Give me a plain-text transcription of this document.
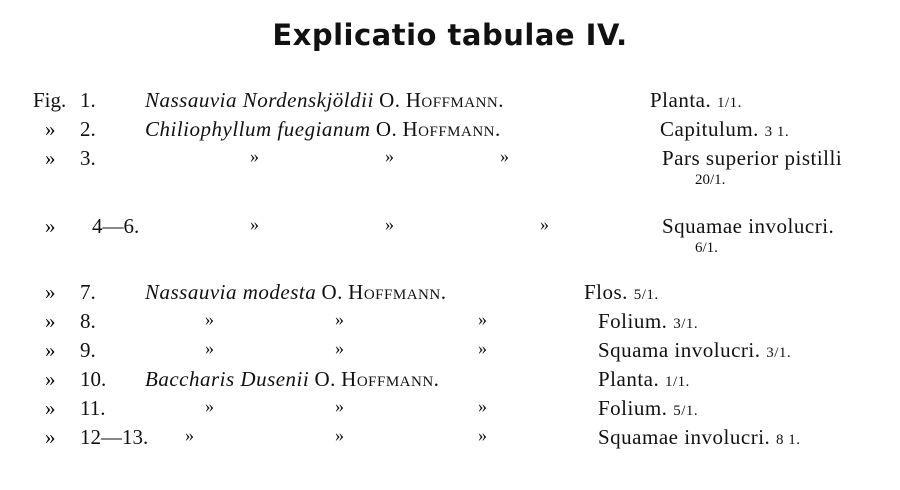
Explicatio tabulae IV.
Fig. 1. Nassauvia Nordenskjöldii O. Hoffmann.	Planta. 1/1.
» 2. Chiliophyllum fuegianum O. Hoffmann.	Capitulum. 3 1.
» 3.	»	»	»	Pars superior pistilli
20/1.
» 4—6.	»	»	»	Squamae involucri.
6/1.
» 7. Nassauvia modesta O. Hoffmann.	Flos. 5/1.
» 8.	»	»	»	Folium. 3/1.
» 9.	»	»	»	Squama involucri. 3/1.
» 10. Baccharis Dusenii O. Hoffmann.	Planta. 1/1.
» 11.	»	»	»	Folium. 5/1.
» 12—13. »	»	»	Squamae involucri. 8 1.
